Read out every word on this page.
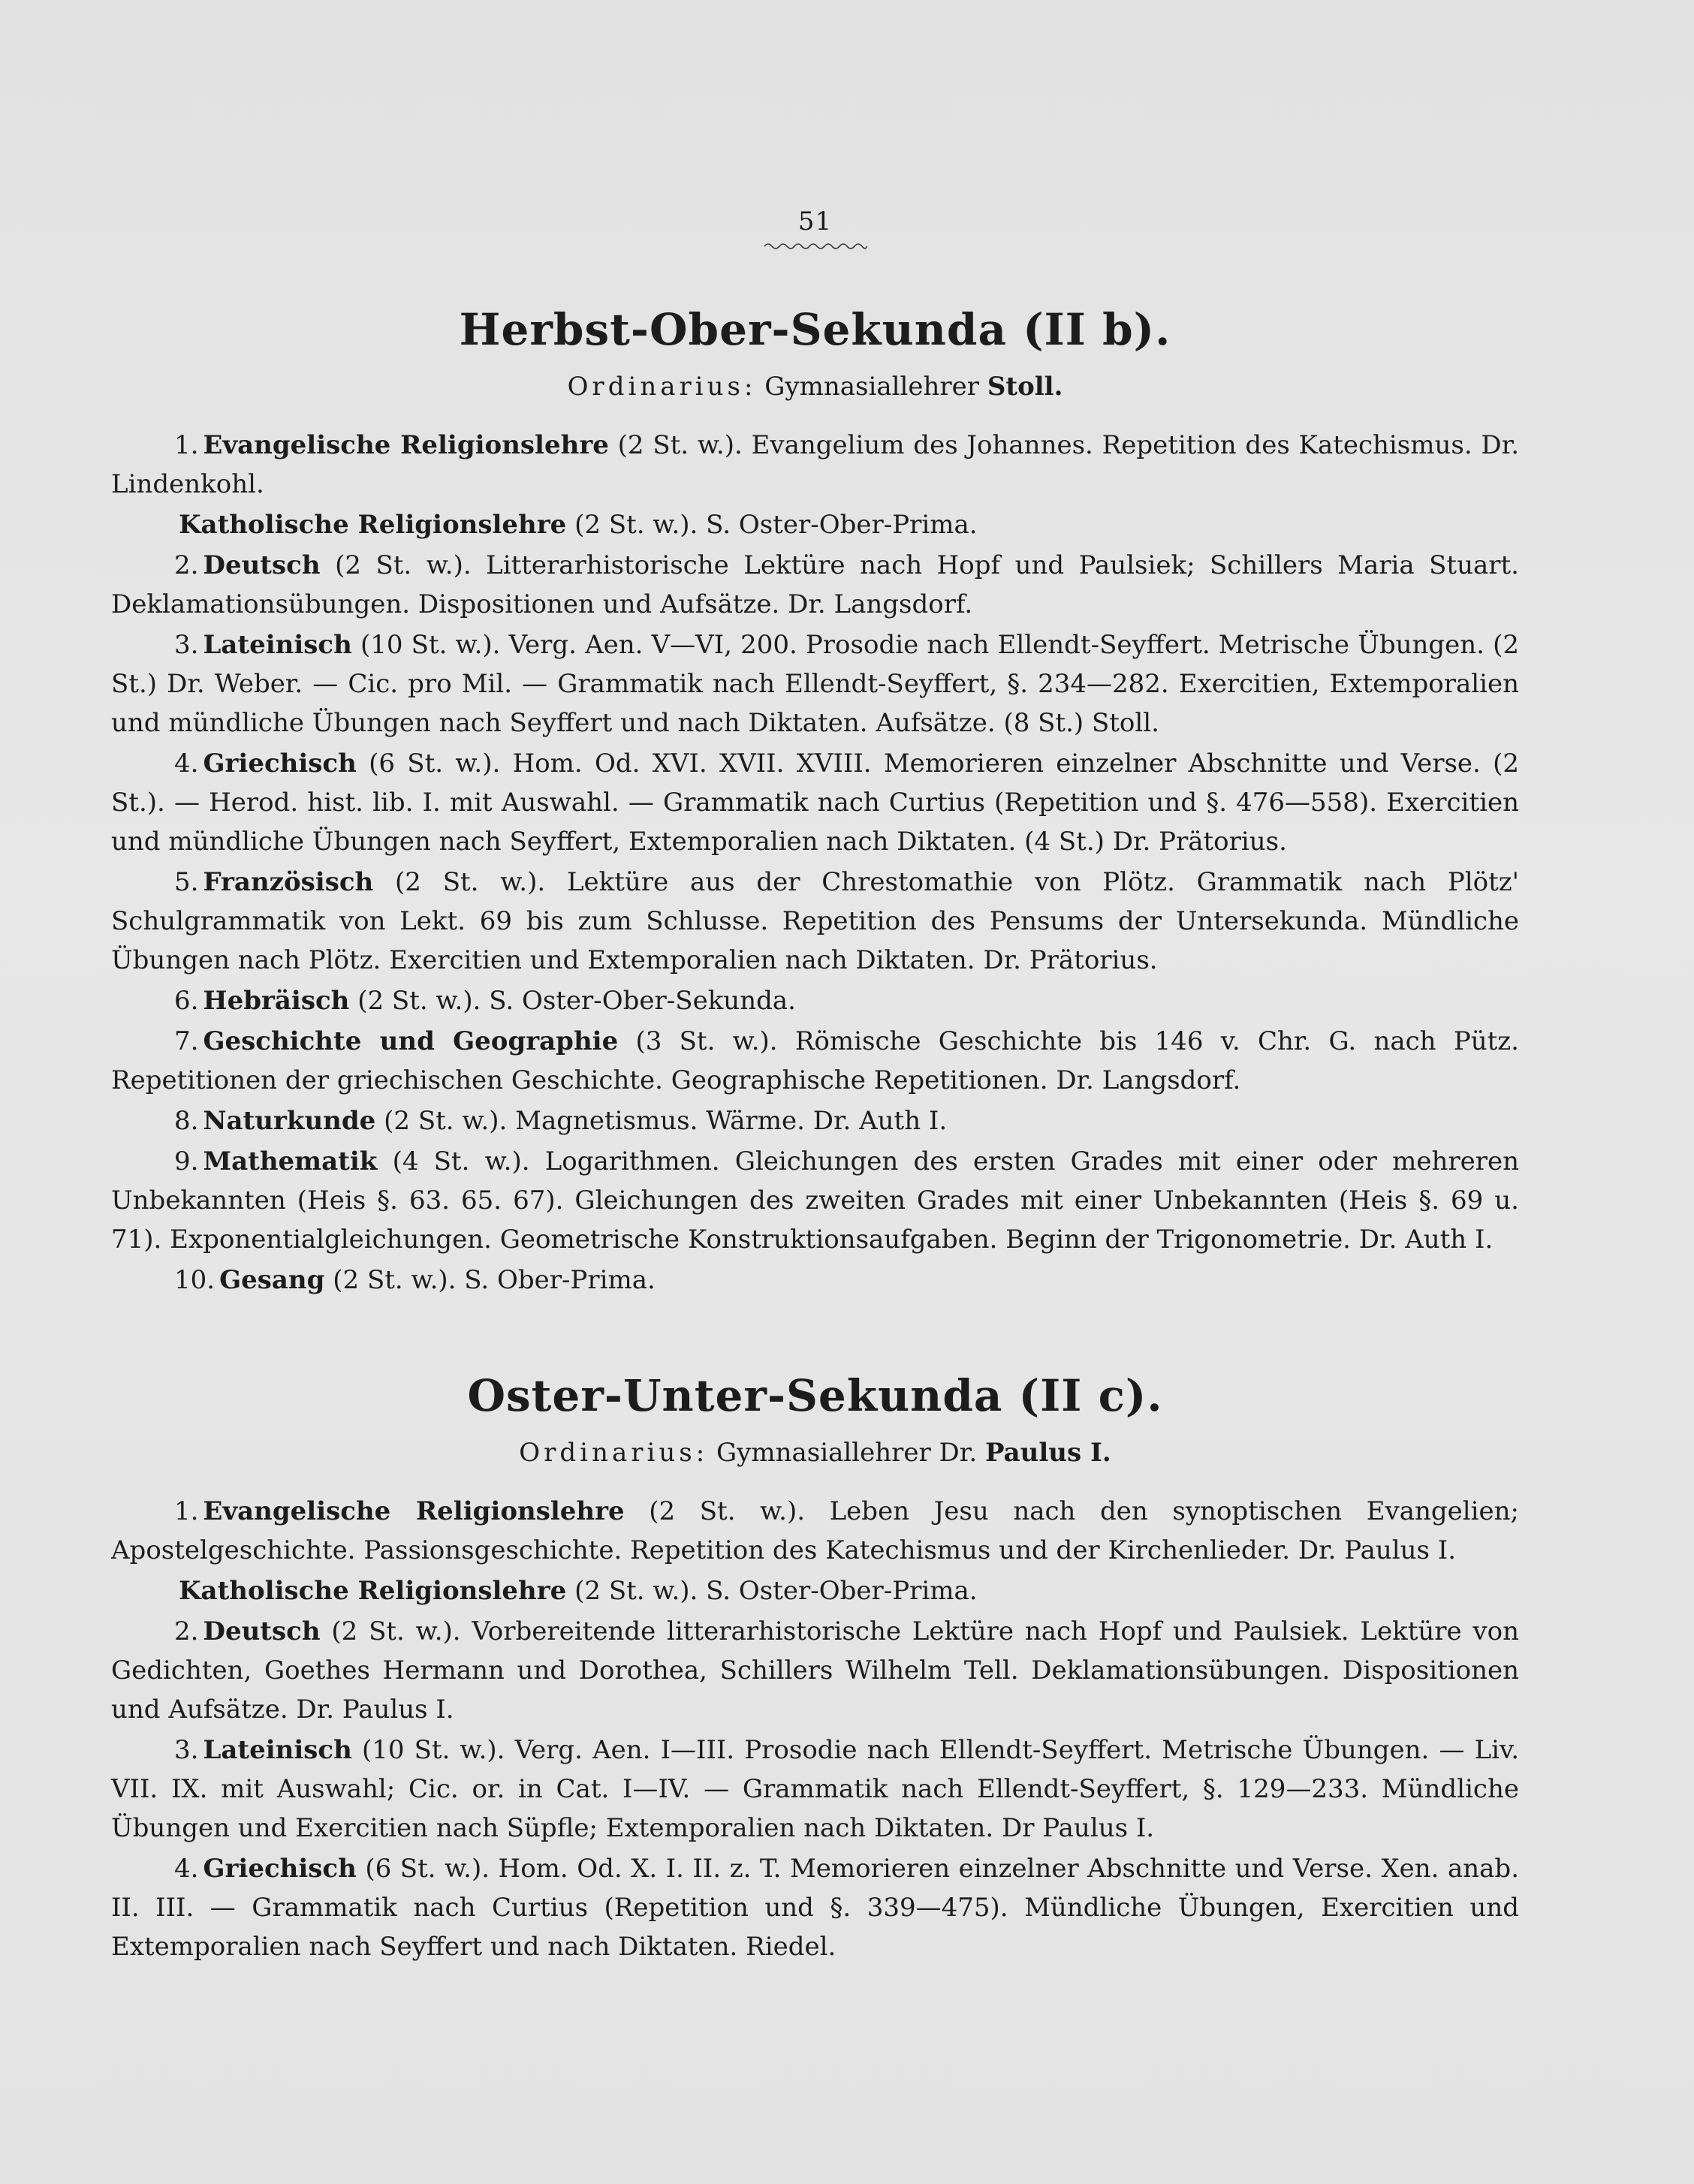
51
Herbst-Ober-Sekunda (II b).
Ordinarius: Gymnasiallehrer Stoll.

1. Evangelische Religionslehre (2 St. w.). Evangelium des Johannes. Repetition des Katechismus. Dr. Lindenkohl.

Katholische Religionslehre (2 St. w.). S. Oster-Ober-Prima.

2. Deutsch (2 St. w.). Litterarhistorische Lektüre nach Hopf und Paulsiek; Schillers Maria Stuart. Deklamationsübungen. Dispositionen und Aufsätze. Dr. Langsdorf.

3. Lateinisch (10 St. w.). Verg. Aen. V—VI, 200. Prosodie nach Ellendt-Seyffert. Metrische Übungen. (2 St.) Dr. Weber. — Cic. pro Mil. — Grammatik nach Ellendt-Seyffert, §. 234—282. Exercitien, Extemporalien und mündliche Übungen nach Seyffert und nach Diktaten. Aufsätze. (8 St.) Stoll.

4. Griechisch (6 St. w.). Hom. Od. XVI. XVII. XVIII. Memorieren einzelner Abschnitte und Verse. (2 St.). — Herod. hist. lib. I. mit Auswahl. — Grammatik nach Curtius (Repetition und §. 476—558). Exercitien und mündliche Übungen nach Seyffert, Extemporalien nach Diktaten. (4 St.) Dr. Prätorius.

5. Französisch (2 St. w.). Lektüre aus der Chrestomathie von Plötz. Grammatik nach Plötz' Schulgrammatik von Lekt. 69 bis zum Schlusse. Repetition des Pensums der Untersekunda. Mündliche Übungen nach Plötz. Exercitien und Extemporalien nach Diktaten. Dr. Prätorius.

6. Hebräisch (2 St. w.). S. Oster-Ober-Sekunda.

7. Geschichte und Geographie (3 St. w.). Römische Geschichte bis 146 v. Chr. G. nach Pütz. Repetitionen der griechischen Geschichte. Geographische Repetitionen. Dr. Langsdorf.

8. Naturkunde (2 St. w.). Magnetismus. Wärme. Dr. Auth I.

9. Mathematik (4 St. w.). Logarithmen. Gleichungen des ersten Grades mit einer oder mehreren Unbekannten (Heis §. 63. 65. 67). Gleichungen des zweiten Grades mit einer Unbekannten (Heis §. 69 u. 71). Exponentialgleichungen. Geometrische Konstruktionsaufgaben. Beginn der Trigonometrie. Dr. Auth I.

10. Gesang (2 St. w.). S. Ober-Prima.

Oster-Unter-Sekunda (II c).
Ordinarius: Gymnasiallehrer Dr. Paulus I.

1. Evangelische Religionslehre (2 St. w.). Leben Jesu nach den synoptischen Evangelien; Apostelgeschichte. Passionsgeschichte. Repetition des Katechismus und der Kirchenlieder. Dr. Paulus I.

Katholische Religionslehre (2 St. w.). S. Oster-Ober-Prima.

2. Deutsch (2 St. w.). Vorbereitende litterarhistorische Lektüre nach Hopf und Paulsiek. Lektüre von Gedichten, Goethes Hermann und Dorothea, Schillers Wilhelm Tell. Deklamationsübungen. Dispositionen und Aufsätze. Dr. Paulus I.

3. Lateinisch (10 St. w.). Verg. Aen. I—III. Prosodie nach Ellendt-Seyffert. Metrische Übungen. — Liv. VII. IX. mit Auswahl; Cic. or. in Cat. I—IV. — Grammatik nach Ellendt-Seyffert, §. 129—233. Mündliche Übungen und Exercitien nach Süpfle; Extemporalien nach Diktaten. Dr Paulus I.

4. Griechisch (6 St. w.). Hom. Od. X. I. II. z. T. Memorieren einzelner Abschnitte und Verse. Xen. anab. II. III. — Grammatik nach Curtius (Repetition und §. 339—475). Mündliche Übungen, Exercitien und Extemporalien nach Seyffert und nach Diktaten. Riedel.
